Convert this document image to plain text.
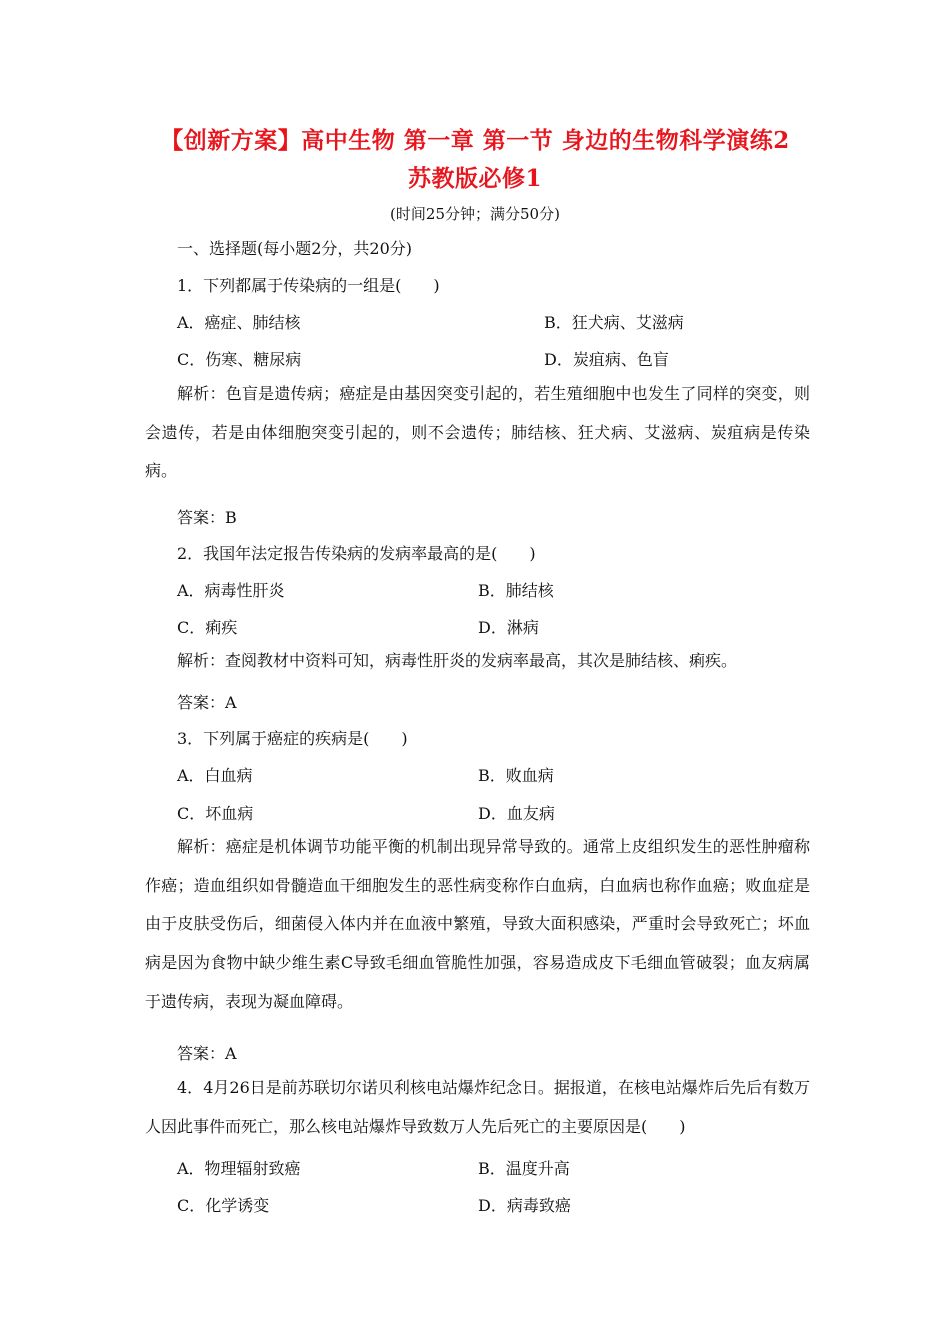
【创新方案】高中生物 第一章 第一节 身边的生物科学演练2
苏教版必修1
(时间25分钟；满分50分)
一、选择题(每小题2分，共20分)
1．下列都属于传染病的一组是(　　)
A．癌症、肺结核	B．狂犬病、艾滋病
C．伤寒、糖尿病	D．炭疽病、色盲
解析：色盲是遗传病；癌症是由基因突变引起的，若生殖细胞中也发生了同样的突变，则会遗传，若是由体细胞突变引起的，则不会遗传；肺结核、狂犬病、艾滋病、炭疽病是传染病。
答案：B
2．我国年法定报告传染病的发病率最高的是(　　)
A．病毒性肝炎	B．肺结核
C．痢疾	D．淋病
解析：查阅教材中资料可知，病毒性肝炎的发病率最高，其次是肺结核、痢疾。
答案：A
3．下列属于癌症的疾病是(　　)
A．白血病	B．败血病
C．坏血病	D．血友病
解析：癌症是机体调节功能平衡的机制出现异常导致的。通常上皮组织发生的恶性肿瘤称作癌；造血组织如骨髓造血干细胞发生的恶性病变称作白血病，白血病也称作血癌；败血症是由于皮肤受伤后，细菌侵入体内并在血液中繁殖，导致大面积感染，严重时会导致死亡；坏血病是因为食物中缺少维生素C导致毛细血管脆性加强，容易造成皮下毛细血管破裂；血友病属于遗传病，表现为凝血障碍。
答案：A
4．4月26日是前苏联切尔诺贝利核电站爆炸纪念日。据报道，在核电站爆炸后先后有数万人因此事件而死亡，那么核电站爆炸导致数万人先后死亡的主要原因是(　　)
A．物理辐射致癌	B．温度升高
C．化学诱变	D．病毒致癌
